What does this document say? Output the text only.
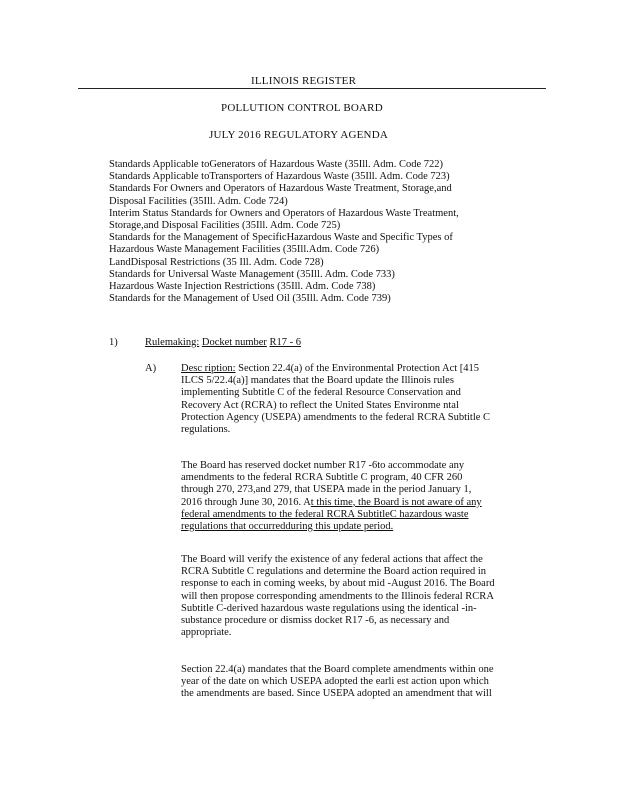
ILLINOIS REGISTER
POLLUTION CONTROL BOARD
JULY 2016 REGULATORY AGENDA
Standards Applicable toGenerators of Hazardous Waste (35Ill. Adm. Code 722)
Standards Applicable toTransporters of Hazardous Waste (35Ill. Adm. Code 723)
Standards For Owners and Operators of Hazardous Waste Treatment, Storage,and
Disposal Facilities (35Ill. Adm. Code 724)
Interim Status Standards for Owners and Operators of Hazardous Waste Treatment,
Storage,and Disposal Facilities (35Ill. Adm. Code 725)
Standards for the Management of SpecificHazardous Waste and Specific Types of
Hazardous Waste Management Facilities (35Ill.Adm. Code 726)
LandDisposal Restrictions (35 Ill. Adm. Code 728)
Standards for Universal Waste Management (35Ill. Adm. Code 733)
Hazardous Waste Injection Restrictions (35Ill. Adm. Code 738)
Standards for the Management of Used Oil (35Ill. Adm. Code 739)
1)	Rulemaking: Docket number R17 - 6
A) Desc ription: Section 22.4(a) of the Environmental Protection Act [415
ILCS 5/22.4(a)] mandates that the Board update the Illinois rules
implementing Subtitle C of the federal Resource Conservation and
Recovery Act (RCRA) to reflect the United States Environme ntal
Protection Agency (USEPA) amendments to the federal RCRA Subtitle C
regulations.
The Board has reserved docket number R17 -6to accommodate any
amendments to the federal RCRA Subtitle C program, 40 CFR 260
through 270, 273,and 279, that USEPA made in the period January 1,
2016 through June 30, 2016. At this time, the Board is not aware of any
federal amendments to the federal RCRA SubtitleC hazardous waste
regulations that occurredduring this update period.
The Board will verify the existence of any federal actions that affect the
RCRA Subtitle C regulations and determine the Board action required in
response to each in coming weeks, by about mid -August 2016. The Board
will then propose corresponding amendments to the Illinois federal RCRA
Subtitle C-derived hazardous waste regulations using the identical -in-
substance procedure or dismiss docket R17 -6, as necessary and
appropriate.
Section 22.4(a) mandates that the Board complete amendments within one
year of the date on which USEPA adopted the earli est action upon which
the amendments are based. Since USEPA adopted an amendment that will
